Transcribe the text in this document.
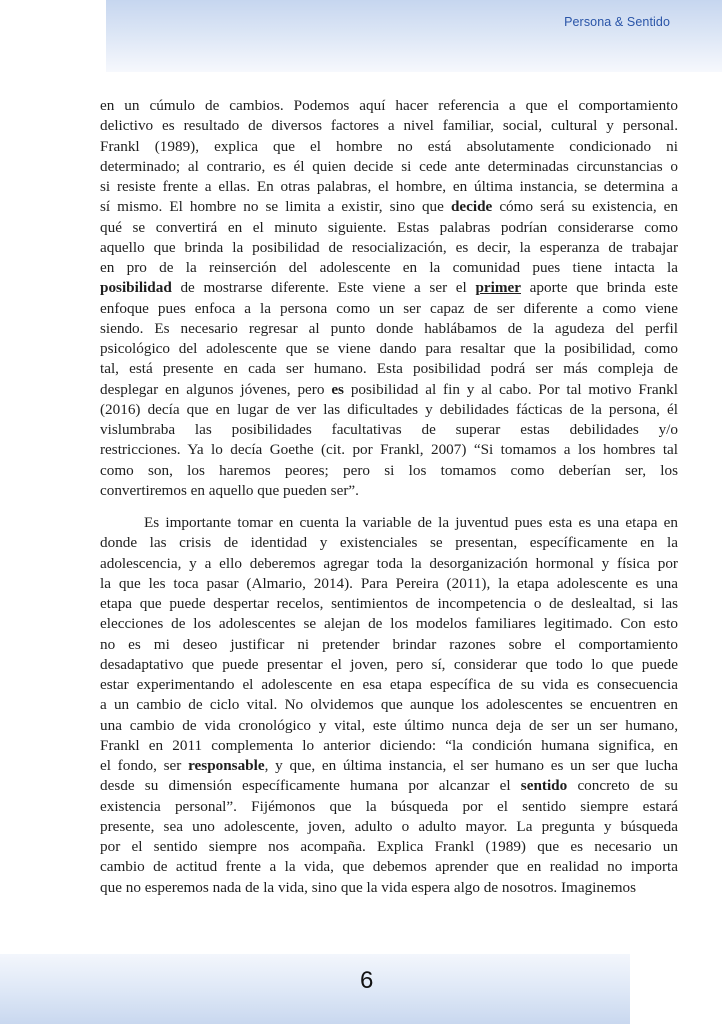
Persona & Sentido
en un cúmulo de cambios. Podemos aquí hacer referencia a que el comportamiento
delictivo es resultado de diversos factores a nivel familiar, social, cultural y personal.
Frankl (1989), explica que el hombre no está absolutamente condicionado ni
determinado; al contrario, es él quien decide si cede ante determinadas circunstancias o
si resiste frente a ellas. En otras palabras, el hombre, en última instancia, se determina a
sí mismo. El hombre no se limita a existir, sino que decide cómo será su existencia, en
qué se convertirá en el minuto siguiente. Estas palabras podrían considerarse como
aquello que brinda la posibilidad de resocialización, es decir, la esperanza de trabajar
en pro de la reinserción del adolescente en la comunidad pues tiene intacta la
posibilidad de mostrarse diferente. Este viene a ser el primer aporte que brinda este
enfoque pues enfoca a la persona como un ser capaz de ser diferente a como viene
siendo. Es necesario regresar al punto donde hablábamos de la agudeza del perfil
psicológico del adolescente que se viene dando para resaltar que la posibilidad, como
tal, está presente en cada ser humano. Esta posibilidad podrá ser más compleja de
desplegar en algunos jóvenes, pero es posibilidad al fin y al cabo. Por tal motivo Frankl
(2016) decía que en lugar de ver las dificultades y debilidades fácticas de la persona, él
vislumbraba las posibilidades facultativas de superar estas debilidades y/o
restricciones. Ya lo decía Goethe (cit. por Frankl, 2007) “Si tomamos a los hombres tal
como son, los haremos peores; pero si los tomamos como deberían ser, los
convertiremos en aquello que pueden ser”.
Es importante tomar en cuenta la variable de la juventud pues esta es una etapa en
donde las crisis de identidad y existenciales se presentan, específicamente en la
adolescencia, y a ello deberemos agregar toda la desorganización hormonal y física por
la que les toca pasar (Almario, 2014). Para Pereira (2011), la etapa adolescente es una
etapa que puede despertar recelos, sentimientos de incompetencia o de deslealtad, si las
elecciones de los adolescentes se alejan de los modelos familiares legitimado. Con esto
no es mi deseo justificar ni pretender brindar razones sobre el comportamiento
desadaptativo que puede presentar el joven, pero sí, considerar que todo lo que puede
estar experimentando el adolescente en esa etapa específica de su vida es consecuencia
a un cambio de ciclo vital. No olvidemos que aunque los adolescentes se encuentren en
una cambio de vida cronológico y vital, este último nunca deja de ser un ser humano,
Frankl en 2011 complementa lo anterior diciendo: “la condición humana significa, en
el fondo, ser responsable, y que, en última instancia, el ser humano es un ser que lucha
desde su dimensión específicamente humana por alcanzar el sentido concreto de su
existencia personal”. Fijémonos que la búsqueda por el sentido siempre estará
presente, sea uno adolescente, joven, adulto o adulto mayor. La pregunta y búsqueda
por el sentido siempre nos acompaña. Explica Frankl (1989) que es necesario un
cambio de actitud frente a la vida, que debemos aprender que en realidad no importa
que no esperemos nada de la vida, sino que la vida espera algo de nosotros. Imaginemos
6
